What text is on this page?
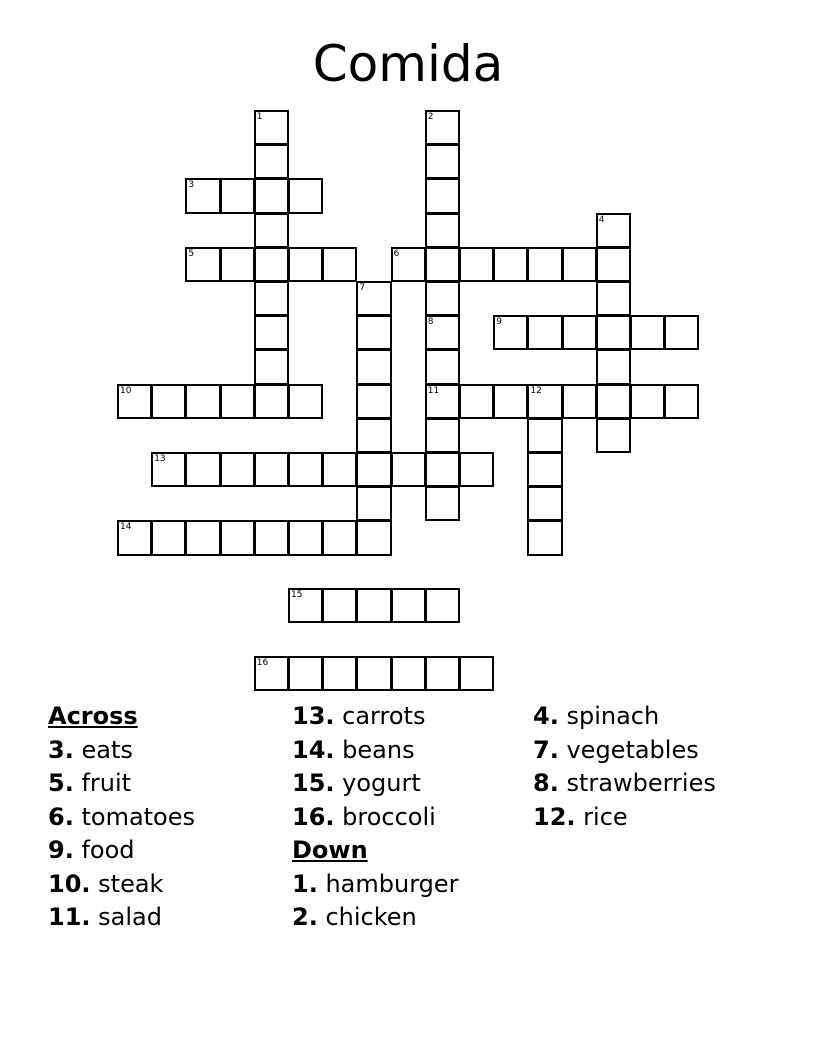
Comida
1	2
8
3
4
5	6
7
11
9
10	12
13
14
15
16
Across
3. eats
5. fruit
6. tomatoes
9. food
10. steak
11. salad
13. carrots
14. beans
15. yogurt
16. broccoli
Down
1. hamburger
2. chicken
4. spinach
7. vegetables
8. strawberries
12. rice
